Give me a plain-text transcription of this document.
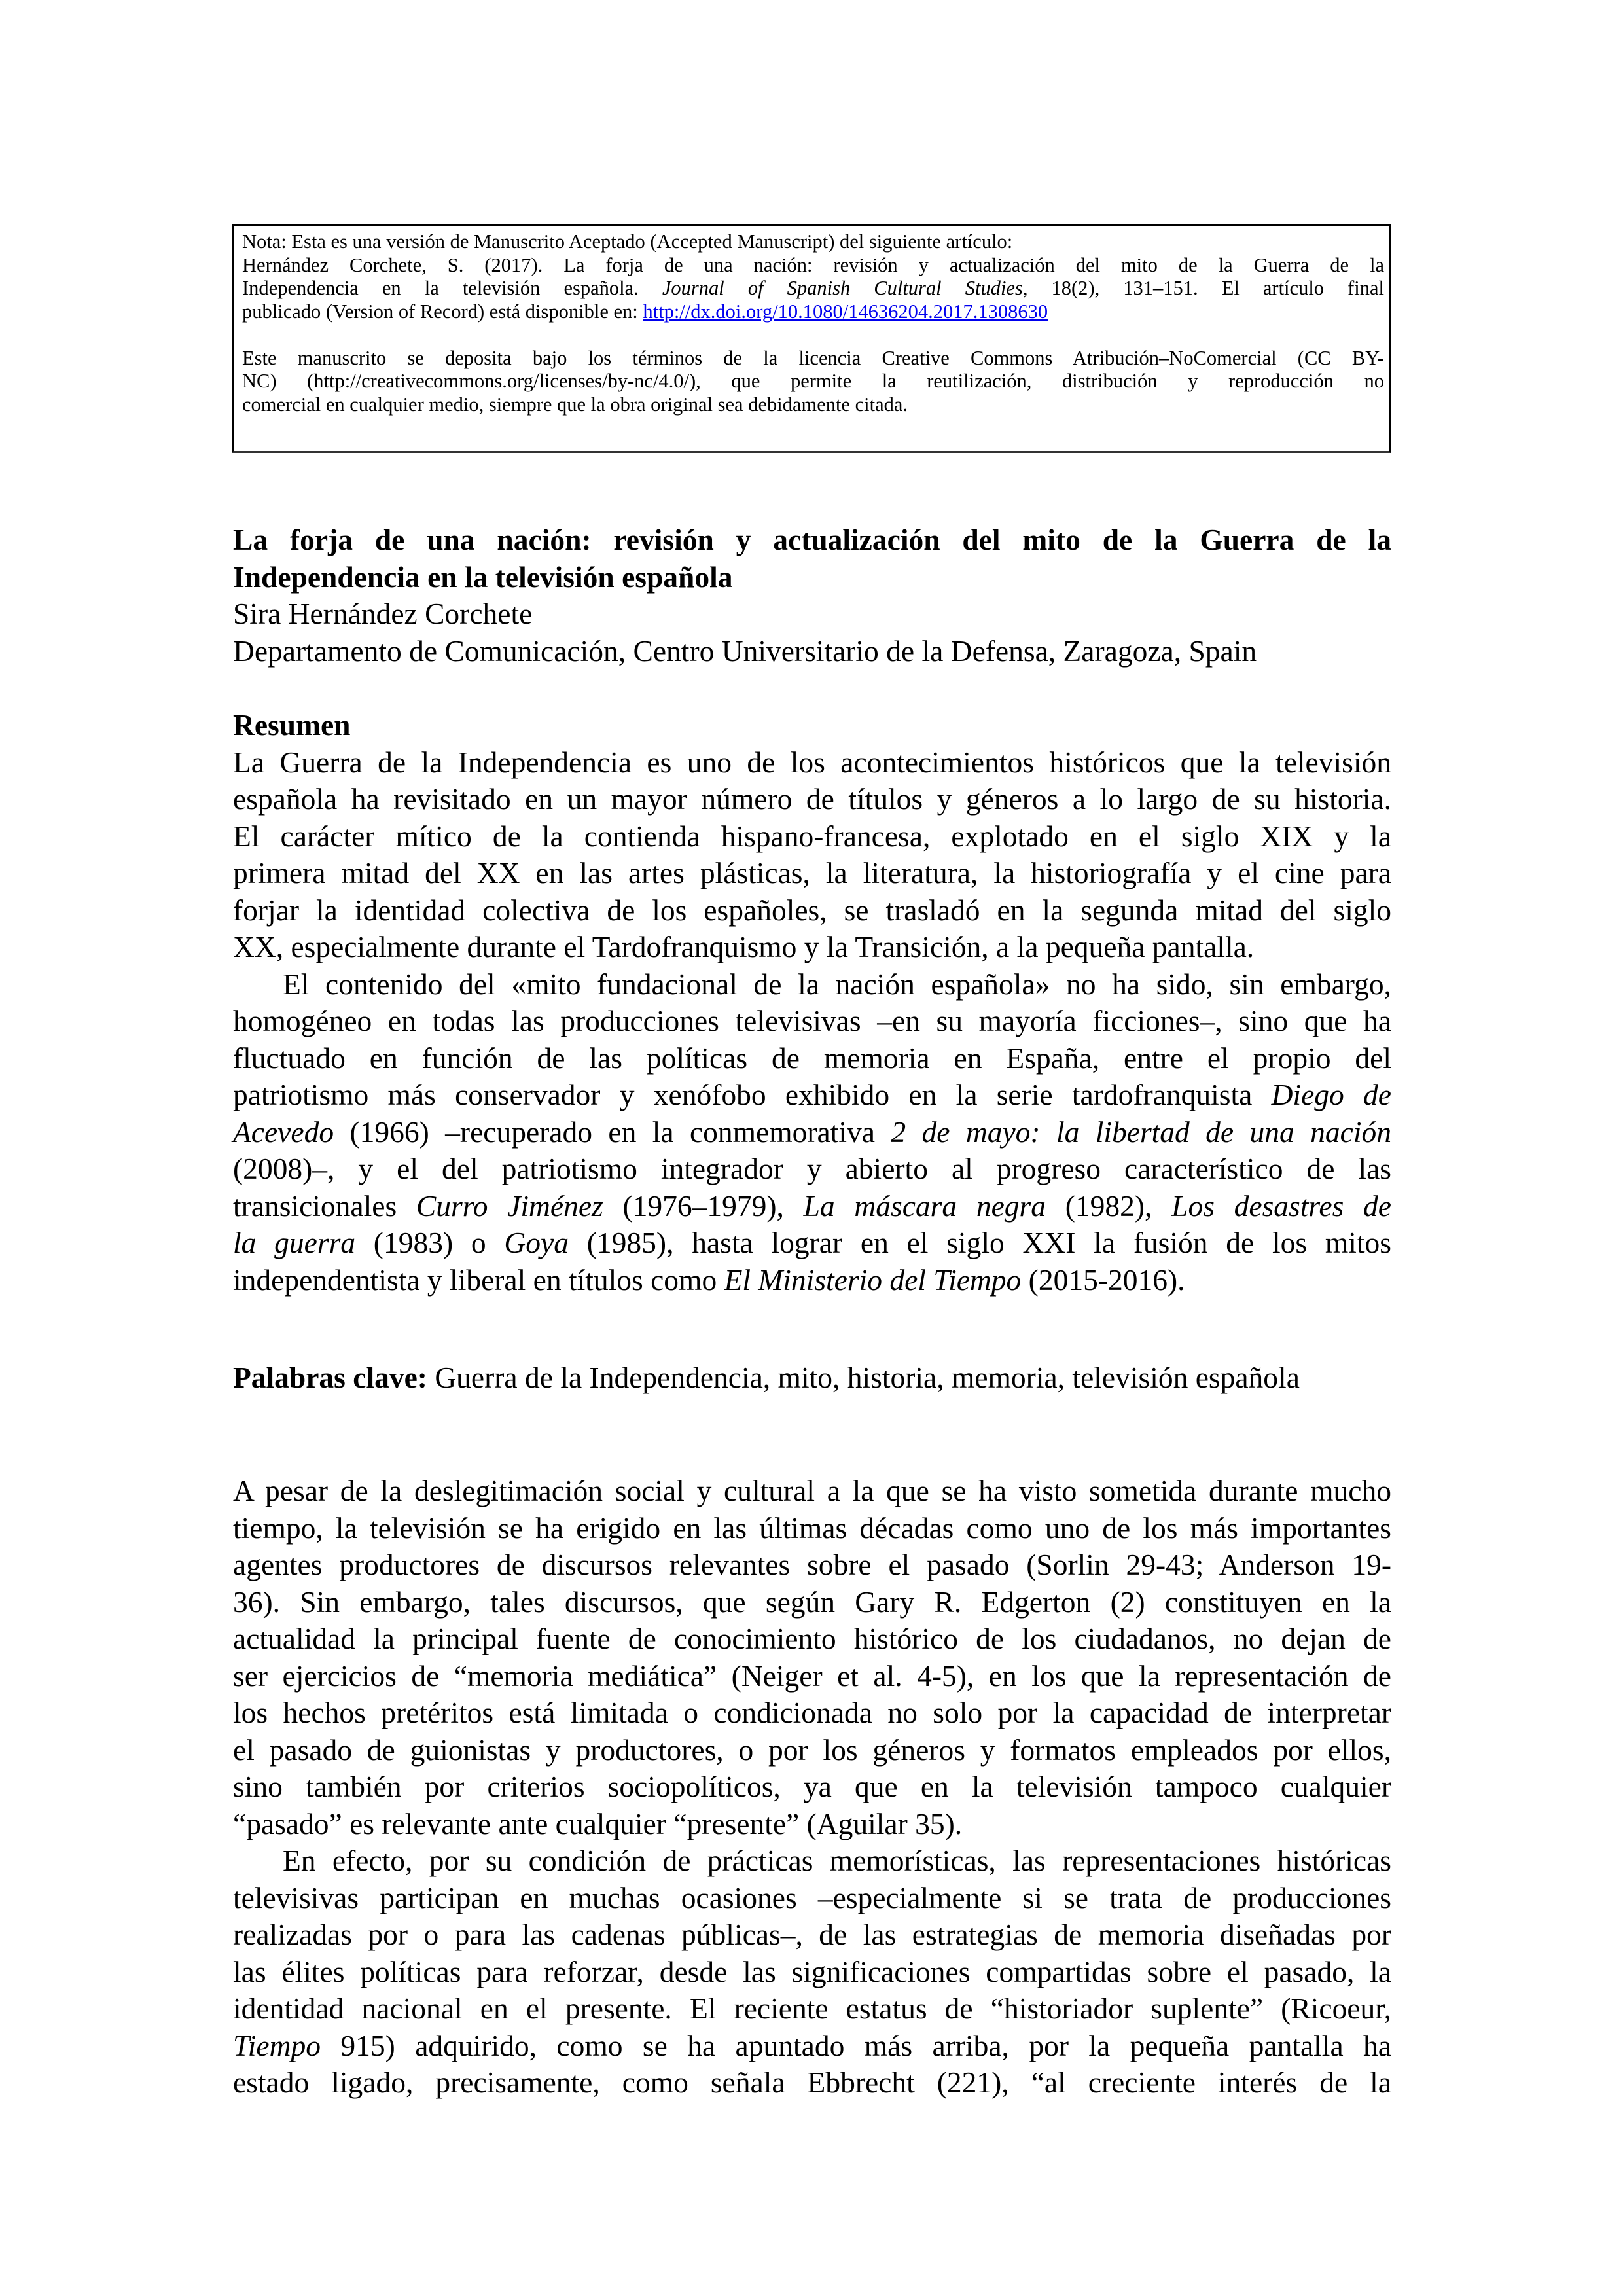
Nota: Esta es una versión de Manuscrito Aceptado (Accepted Manuscript) del siguiente artículo:
Hernández Corchete, S. (2017). La forja de una nación: revisión y actualización del mito de la Guerra de la
Independencia en la televisión española. Journal of Spanish Cultural Studies, 18(2), 131–151. El artículo final
publicado (Version of Record) está disponible en: http://dx.doi.org/10.1080/14636204.2017.1308630
Este manuscrito se deposita bajo los términos de la licencia Creative Commons Atribución–NoComercial (CC BY-
NC) (http://creativecommons.org/licenses/by-nc/4.0/), que permite la reutilización, distribución y reproducción no
comercial en cualquier medio, siempre que la obra original sea debidamente citada.
La forja de una nación: revisión y actualización del mito de la Guerra de la
Independencia en la televisión española
Sira Hernández Corchete
Departamento de Comunicación, Centro Universitario de la Defensa, Zaragoza, Spain
Resumen
La Guerra de la Independencia es uno de los acontecimientos históricos que la televisión
española ha revisitado en un mayor número de títulos y géneros a lo largo de su historia.
El carácter mítico de la contienda hispano-francesa, explotado en el siglo XIX y la
primera mitad del XX en las artes plásticas, la literatura, la historiografía y el cine para
forjar la identidad colectiva de los españoles, se trasladó en la segunda mitad del siglo
XX, especialmente durante el Tardofranquismo y la Transición, a la pequeña pantalla.
El contenido del «mito fundacional de la nación española» no ha sido, sin embargo,
homogéneo en todas las producciones televisivas –en su mayoría ficciones–, sino que ha
fluctuado en función de las políticas de memoria en España, entre el propio del
patriotismo más conservador y xenófobo exhibido en la serie tardofranquista Diego de
Acevedo (1966) –recuperado en la conmemorativa 2 de mayo: la libertad de una nación
(2008)–, y el del patriotismo integrador y abierto al progreso característico de las
transicionales Curro Jiménez (1976–1979), La máscara negra (1982), Los desastres de
la guerra (1983) o Goya (1985), hasta lograr en el siglo XXI la fusión de los mitos
independentista y liberal en títulos como El Ministerio del Tiempo (2015-2016).
Palabras clave: Guerra de la Independencia, mito, historia, memoria, televisión española
A pesar de la deslegitimación social y cultural a la que se ha visto sometida durante mucho
tiempo, la televisión se ha erigido en las últimas décadas como uno de los más importantes
agentes productores de discursos relevantes sobre el pasado (Sorlin 29-43; Anderson 19-
36). Sin embargo, tales discursos, que según Gary R. Edgerton (2) constituyen en la
actualidad la principal fuente de conocimiento histórico de los ciudadanos, no dejan de
ser ejercicios de “memoria mediática” (Neiger et al. 4-5), en los que la representación de
los hechos pretéritos está limitada o condicionada no solo por la capacidad de interpretar
el pasado de guionistas y productores, o por los géneros y formatos empleados por ellos,
sino también por criterios sociopolíticos, ya que en la televisión tampoco cualquier
“pasado” es relevante ante cualquier “presente” (Aguilar 35).
En efecto, por su condición de prácticas memorísticas, las representaciones históricas
televisivas participan en muchas ocasiones –especialmente si se trata de producciones
realizadas por o para las cadenas públicas–, de las estrategias de memoria diseñadas por
las élites políticas para reforzar, desde las significaciones compartidas sobre el pasado, la
identidad nacional en el presente. El reciente estatus de “historiador suplente” (Ricoeur,
Tiempo 915) adquirido, como se ha apuntado más arriba, por la pequeña pantalla ha
estado ligado, precisamente, como señala Ebbrecht (221), “al creciente interés de la
